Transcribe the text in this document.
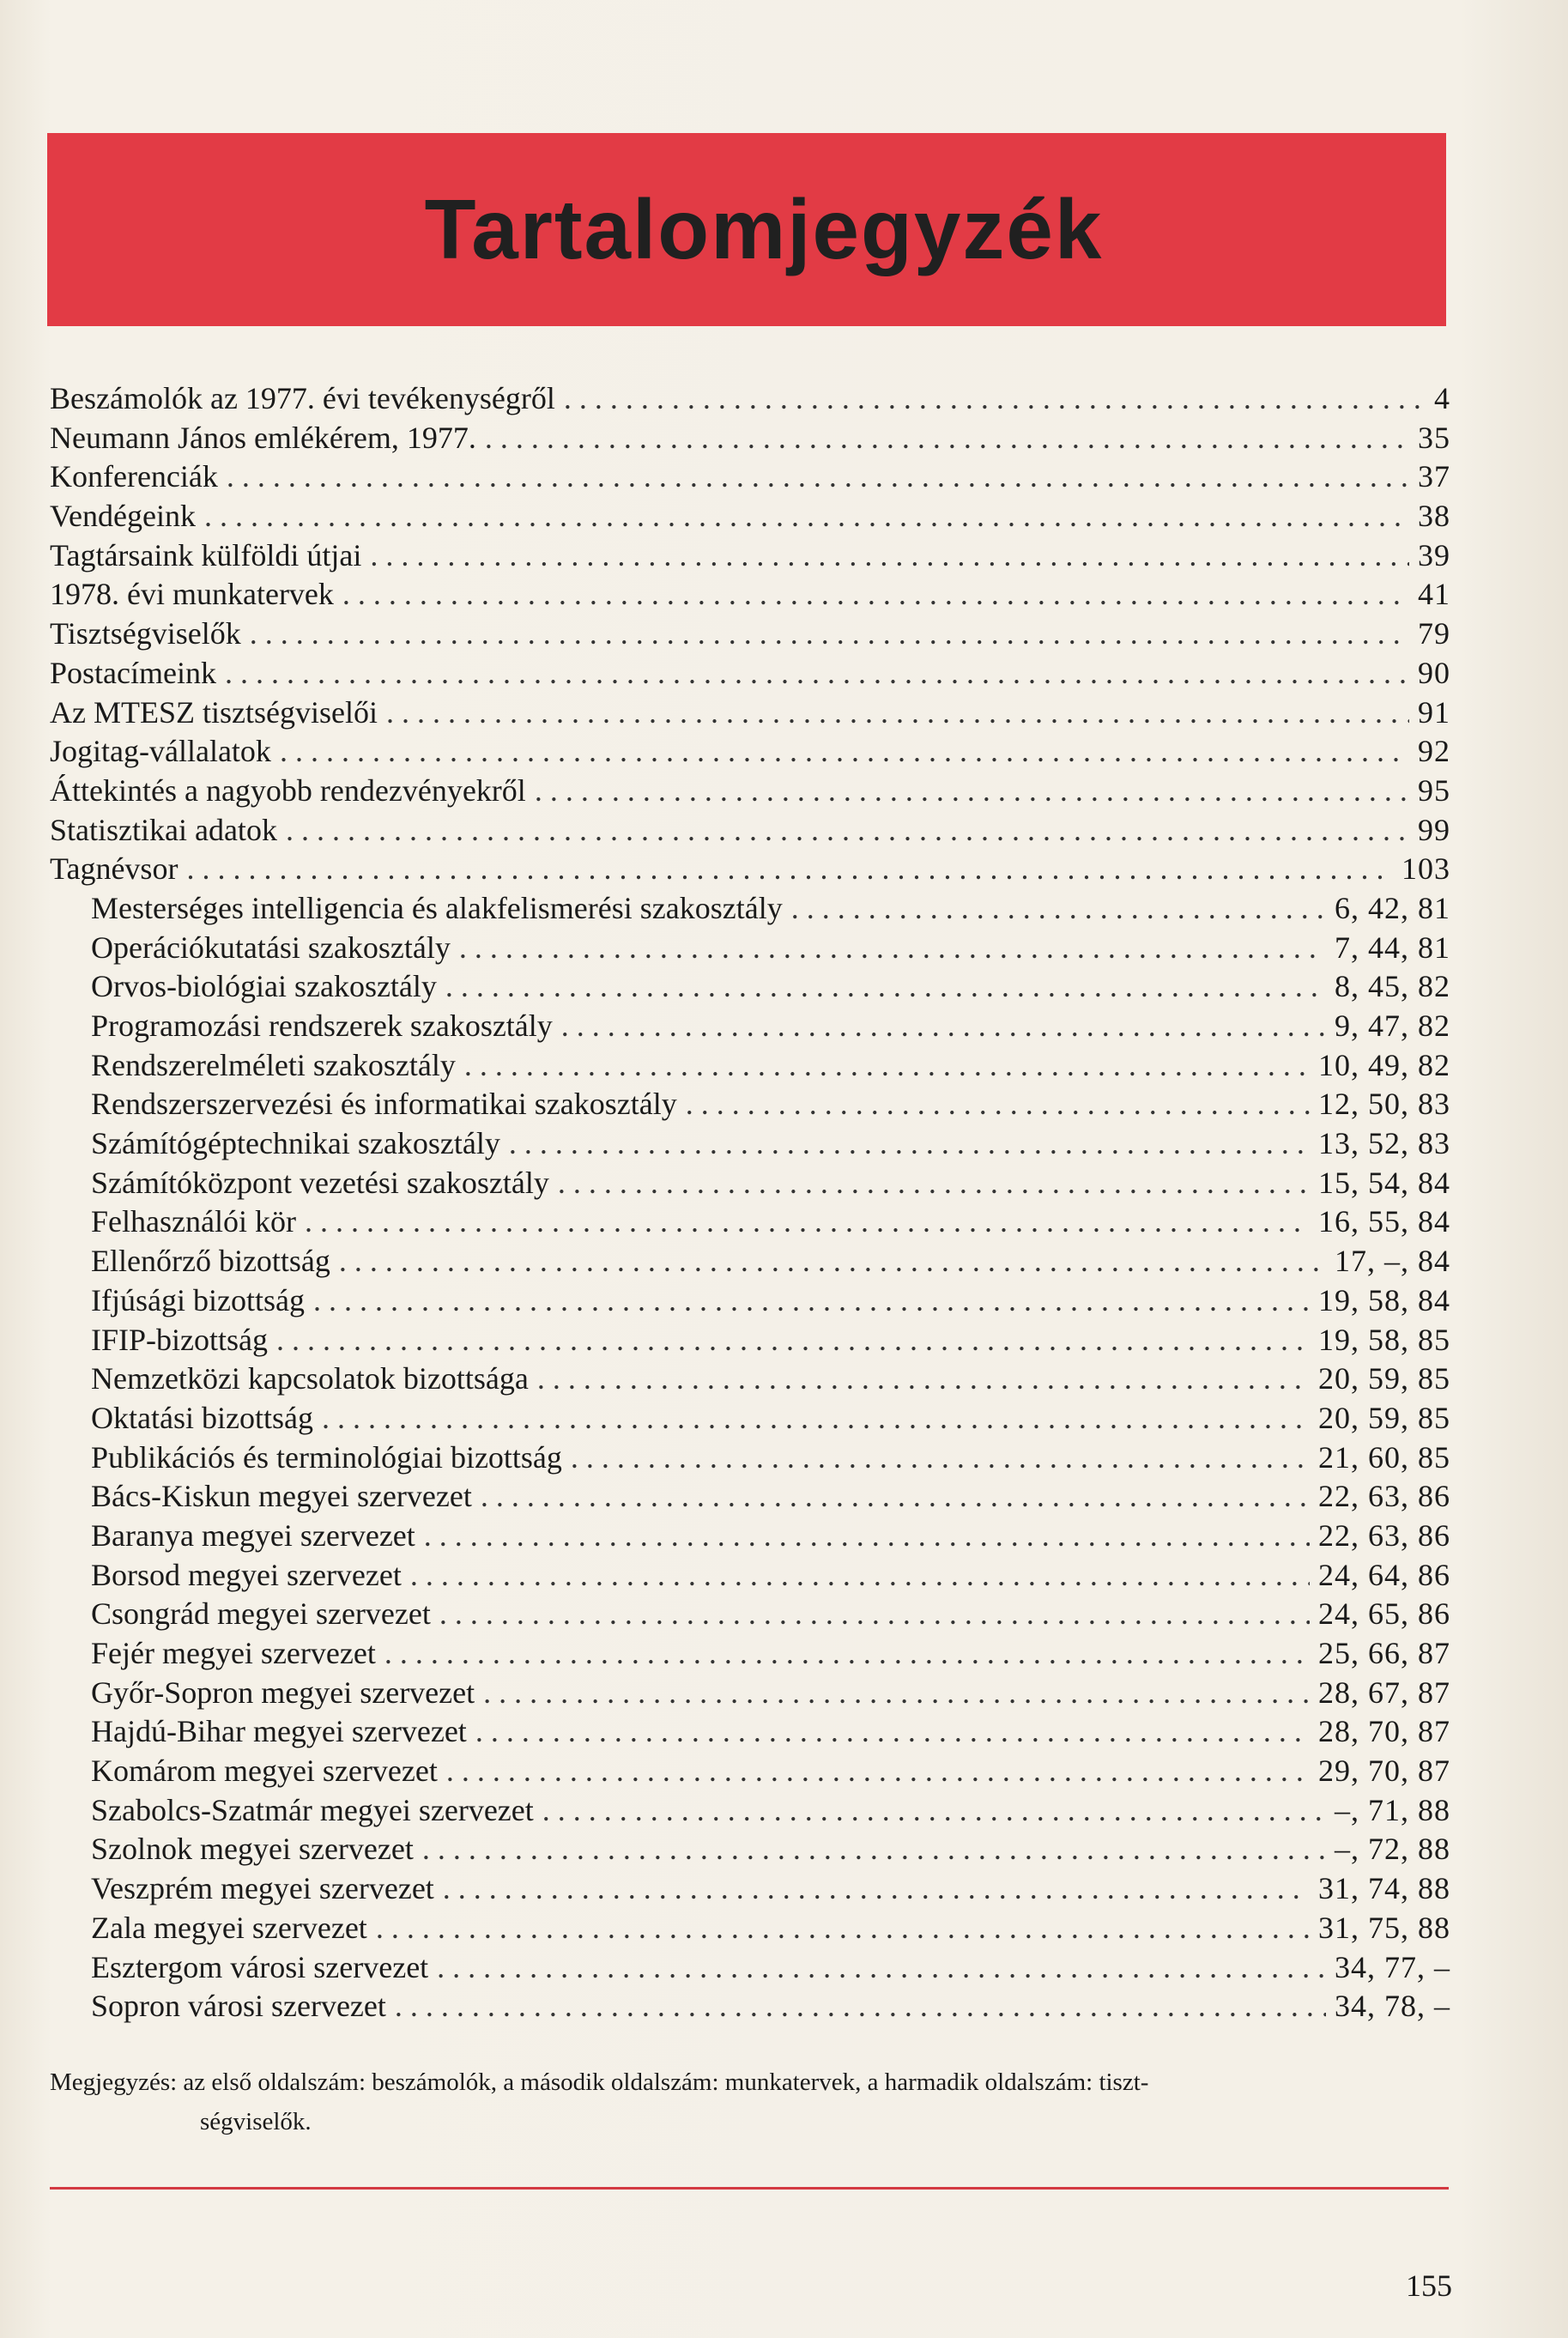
Tartalomjegyzék
Beszámolók az 1977. évi tevékenységről .....	4
Neumann János emlékérem, 1977. .....	35
Konferenciák .....	37
Vendégeink .....	38
Tagtársaink külföldi útjai .....	39
1978. évi munkatervek .....	41
Tisztségviselők .....	79
Postacímeink .....	90
Az MTESZ tisztségviselői .....	91
Jogitag-vállalatok .....	92
Áttekintés a nagyobb rendezvényekről .....	95
Statisztikai adatok .....	99
Tagnévsor .....	103
Mesterséges intelligencia és alakfelismerési szakosztály .....	6, 42, 81
Operációkutatási szakosztály .....	7, 44, 81
Orvos-biológiai szakosztály .....	8, 45, 82
Programozási rendszerek szakosztály .....	9, 47, 82
Rendszerelméleti szakosztály .....	10, 49, 82
Rendszerszervezési és informatikai szakosztály .....	12, 50, 83
Számítógéptechnikai szakosztály .....	13, 52, 83
Számítóközpont vezetési szakosztály .....	15, 54, 84
Felhasználói kör .....	16, 55, 84
Ellenőrző bizottság .....	17, –, 84
Ifjúsági bizottság .....	19, 58, 84
IFIP-bizottság .....	19, 58, 85
Nemzetközi kapcsolatok bizottsága .....	20, 59, 85
Oktatási bizottság .....	20, 59, 85
Publikációs és terminológiai bizottság .....	21, 60, 85
Bács-Kiskun megyei szervezet .....	22, 63, 86
Baranya megyei szervezet .....	22, 63, 86
Borsod megyei szervezet .....	24, 64, 86
Csongrád megyei szervezet .....	24, 65, 86
Fejér megyei szervezet .....	25, 66, 87
Győr-Sopron megyei szervezet .....	28, 67, 87
Hajdú-Bihar megyei szervezet .....	28, 70, 87
Komárom megyei szervezet .....	29, 70, 87
Szabolcs-Szatmár megyei szervezet .....	–, 71, 88
Szolnok megyei szervezet .....	–, 72, 88
Veszprém megyei szervezet .....	31, 74, 88
Zala megyei szervezet .....	31, 75, 88
Esztergom városi szervezet .....	34, 77, –
Sopron városi szervezet .....	34, 78, –
Megjegyzés: az első oldalszám: beszámolók, a második oldalszám: munkatervek, a harmadik oldalszám: tiszt-
ségviselők.
155
